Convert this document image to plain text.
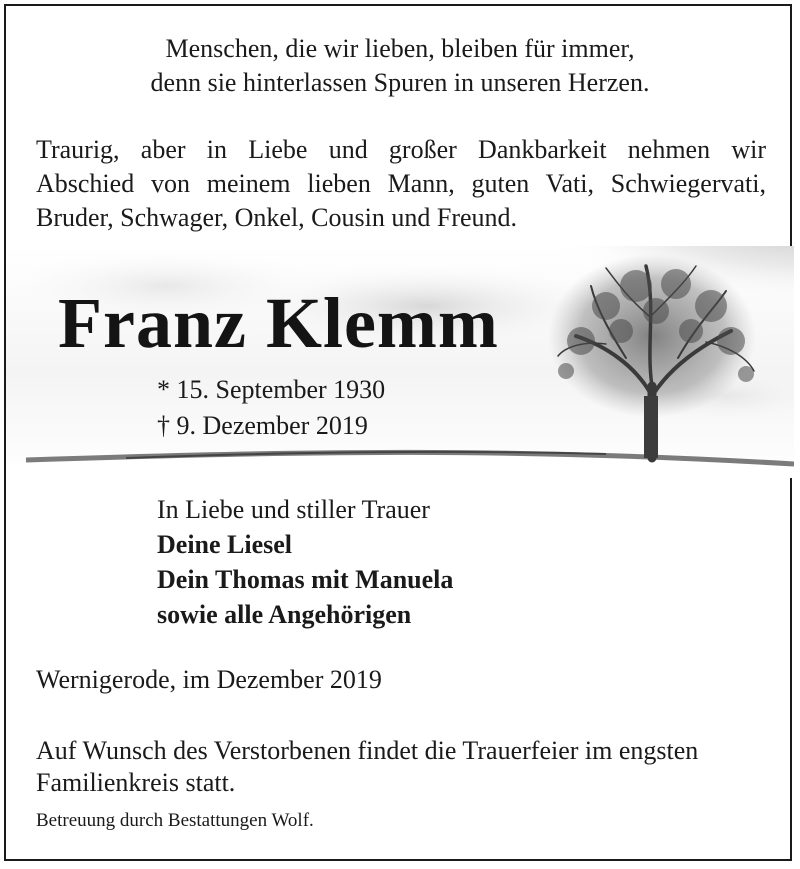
Menschen, die wir lieben, bleiben für immer,

denn sie hinterlassen Spuren in unseren Herzen.

Traurig, aber in Liebe und großer Dankbarkeit nehmen wir
Abschied von meinem lieben Mann, guten Vati, Schwiegervati,
Bruder, Schwager, Onkel, Cousin und Freund.
Franz Klemm

* 15. September 1930

† 9. Dezember 2019

In Liebe und stiller Trauer
Deine Liesel
Dein Thomas mit Manuela
sowie alle Angehörigen

Wernigerode, im Dezember 2019

Auf Wunsch des Verstorbenen findet die Trauerfeier im engsten

Familienkreis statt.

Betreuung durch Bestattungen Wolf.
